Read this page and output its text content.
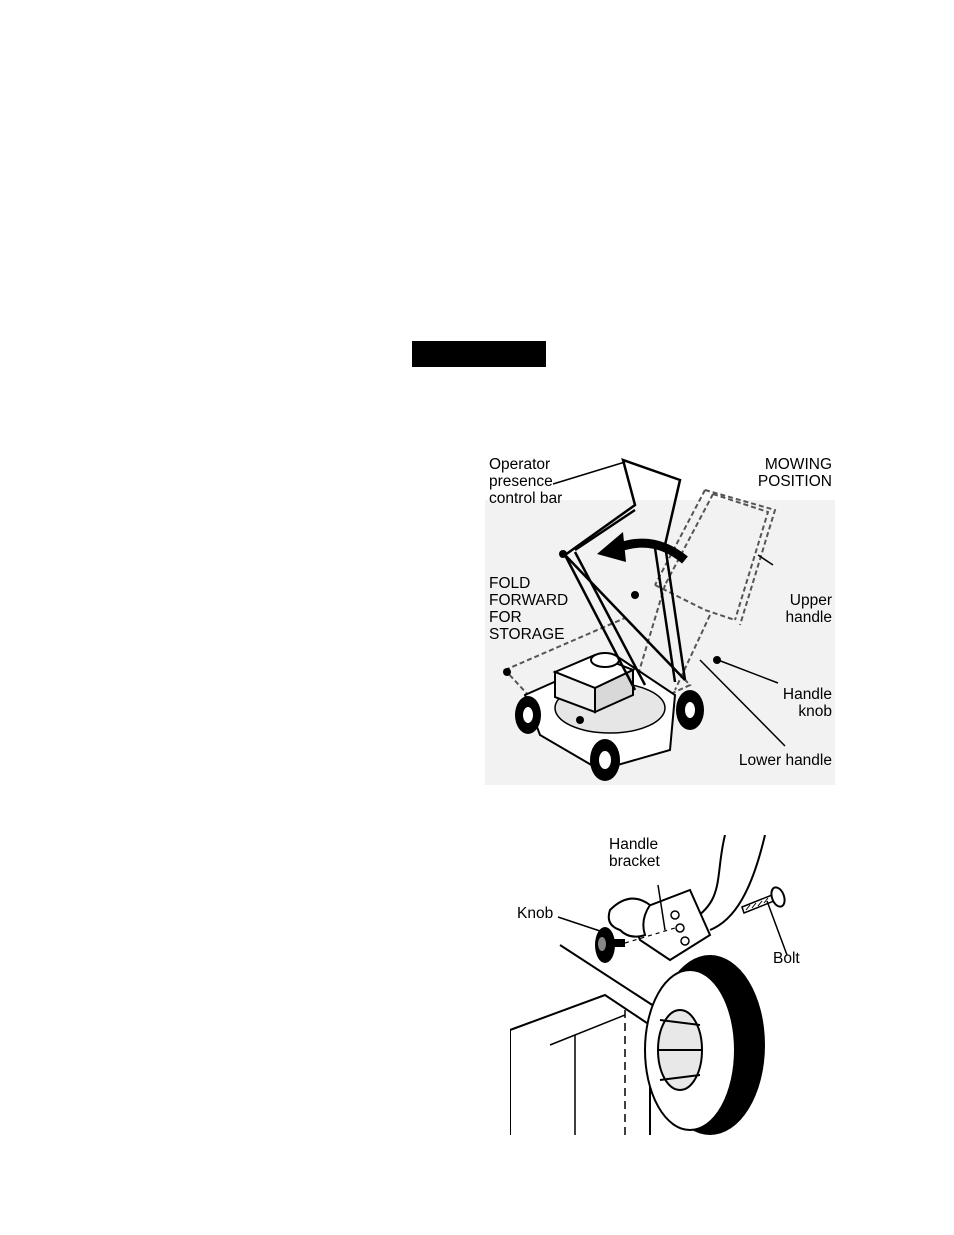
Operator
presence
control bar
MOWING
POSITION
FOLD
FORWARD
FOR
STORAGE
Upper
handle
Handle
knob
Lower handle
Handle
bracket
Knob
Bolt
